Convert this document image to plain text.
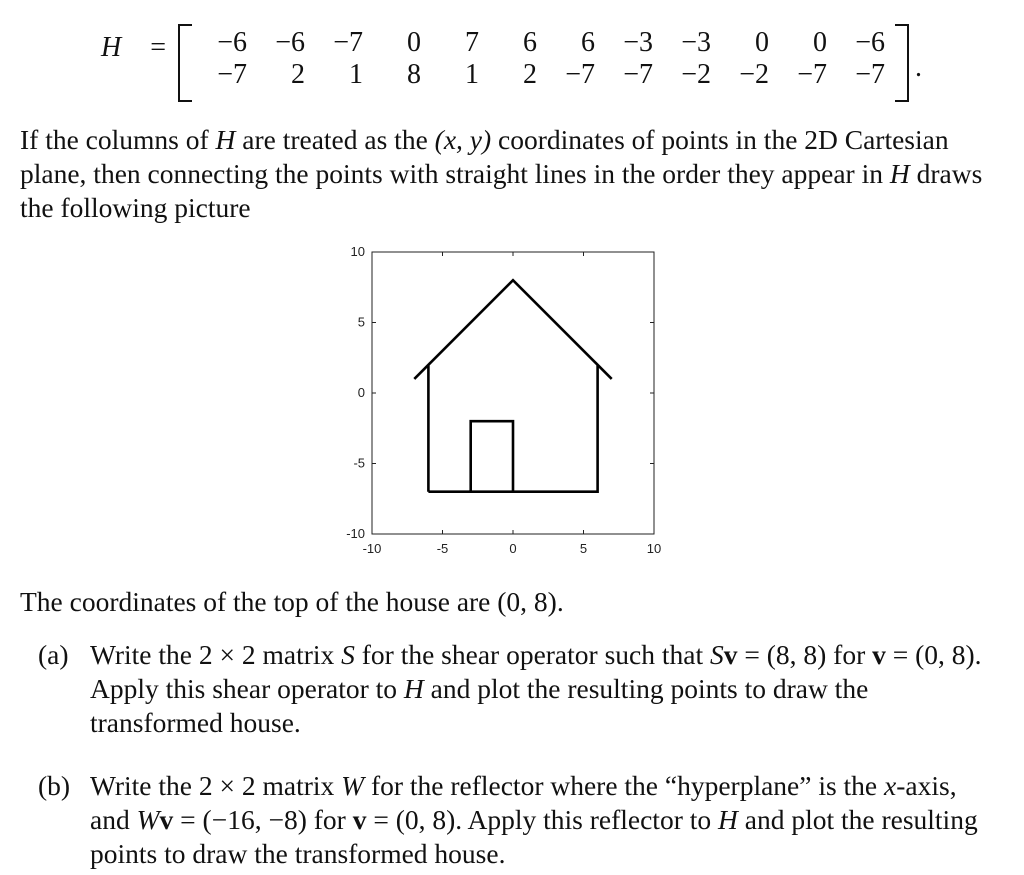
H = −6	−6	−7	0	7	6	6	−3	−3	0	0	−6
−7	2	1	8	1	2	−7	−7	−2	−2	−7	−7 .

If the columns of H are treated as the (x, y) coordinates of points in the 2D Cartesian plane, then connecting the points with straight lines in the order they appear in H draws the following picture

-10	-5	0	5	10
10
5
0
-5
-10

The coordinates of the top of the house are (0, 8).

(a) Write the 2 × 2 matrix S for the shear operator such that Sv = (8, 8) for v = (0, 8). Apply this shear operator to H and plot the resulting points to draw the transformed house.
(b) Write the 2 × 2 matrix W for the reflector where the “hyperplane” is the x-axis, and Wv = (−16, −8) for v = (0, 8). Apply this reflector to H and plot the resulting points to draw the transformed house.
